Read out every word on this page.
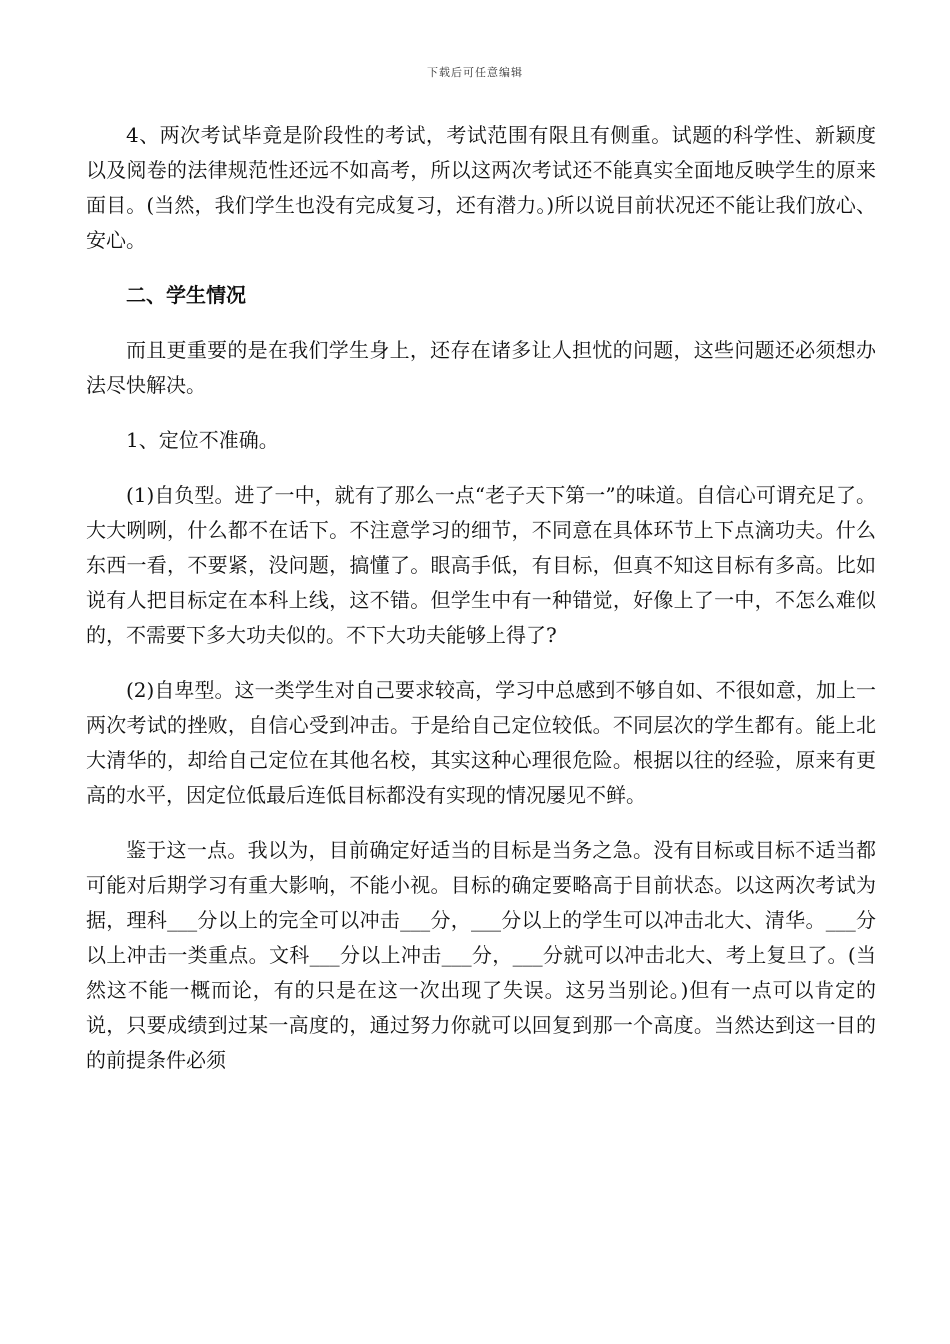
下载后可任意编辑

4、两次考试毕竟是阶段性的考试，考试范围有限且有侧重。试题的科学性、新颖度以及阅卷的法律规范性还远不如高考，所以这两次考试还不能真实全面地反映学生的原来面目。(当然，我们学生也没有完成复习，还有潜力。)所以说目前状况还不能让我们放心、安心。

二、学生情况

而且更重要的是在我们学生身上，还存在诸多让人担忧的问题，这些问题还必须想办法尽快解决。

1、定位不准确。

(1)自负型。进了一中，就有了那么一点“老子天下第一”的味道。自信心可谓充足了。大大咧咧，什么都不在话下。不注意学习的细节，不同意在具体环节上下点滴功夫。什么东西一看，不要紧，没问题，搞懂了。眼高手低，有目标，但真不知这目标有多高。比如说有人把目标定在本科上线，这不错。但学生中有一种错觉，好像上了一中，不怎么难似的，不需要下多大功夫似的。不下大功夫能够上得了?

(2)自卑型。这一类学生对自己要求较高，学习中总感到不够自如、不很如意，加上一两次考试的挫败，自信心受到冲击。于是给自己定位较低。不同层次的学生都有。能上北大清华的，却给自己定位在其他名校，其实这种心理很危险。根据以往的经验，原来有更高的水平，因定位低最后连低目标都没有实现的情况屡见不鲜。

鉴于这一点。我以为，目前确定好适当的目标是当务之急。没有目标或目标不适当都可能对后期学习有重大影响，不能小视。目标的确定要略高于目前状态。以这两次考试为据，理科___分以上的完全可以冲击___分，___分以上的学生可以冲击北大、清华。___分以上冲击一类重点。文科___分以上冲击___分，___分就可以冲击北大、考上复旦了。(当然这不能一概而论，有的只是在这一次出现了失误。这另当别论。)但有一点可以肯定的说，只要成绩到过某一高度的，通过努力你就可以回复到那一个高度。当然达到这一目的的前提条件必须
